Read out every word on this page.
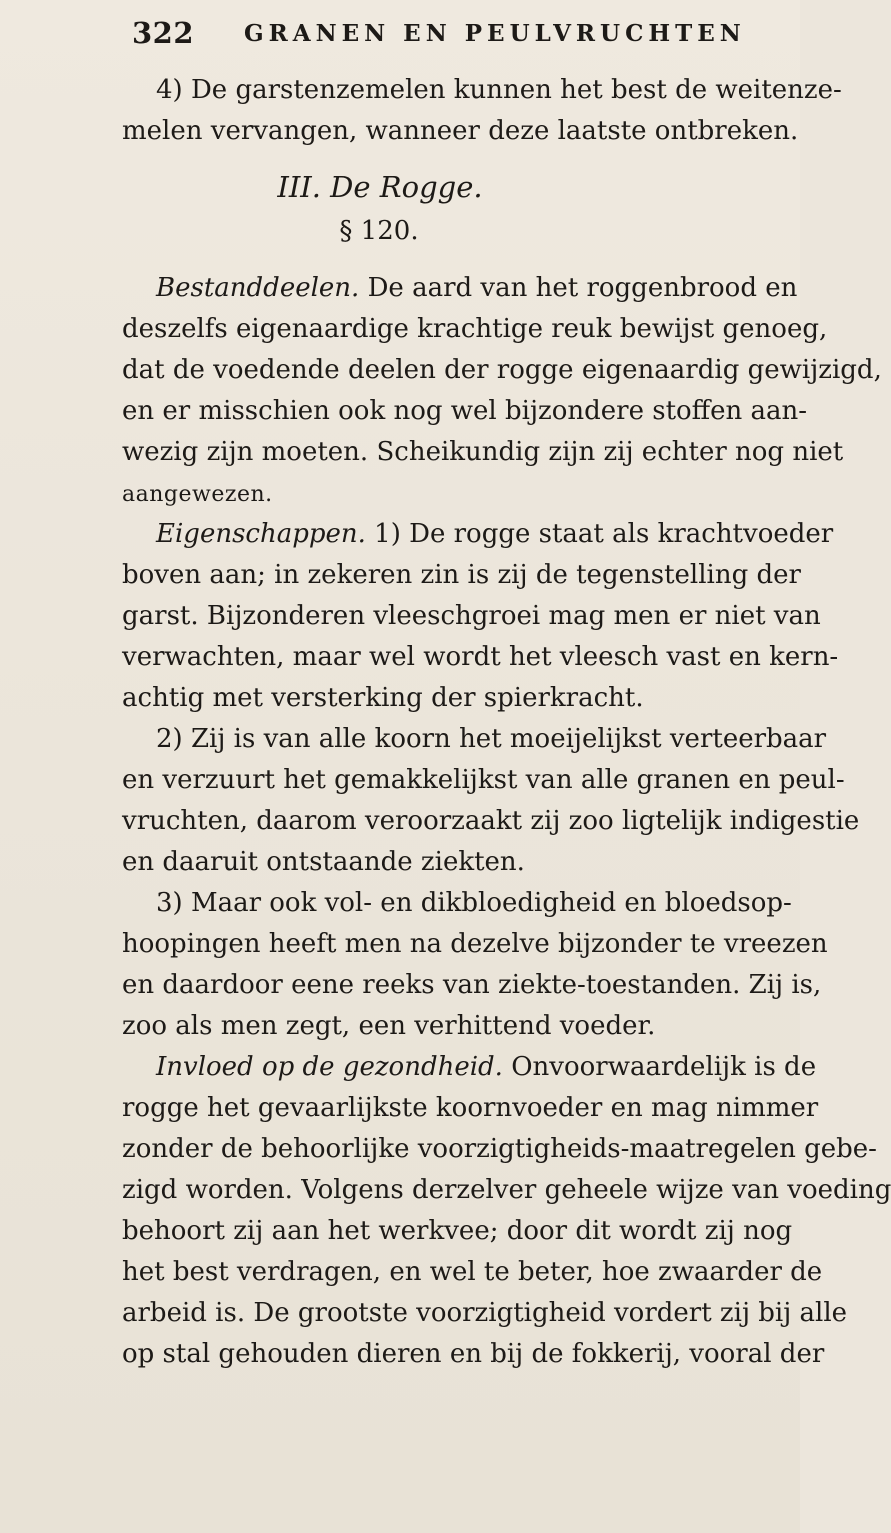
322 GRANEN EN PEULVRUCHTEN
4) De garstenzemelen kunnen het best de weitenze-
melen vervangen, wanneer deze laatste ontbreken.
III. De Rogge.
§ 120.
Bestanddeelen. De aard van het roggenbrood en
deszelfs eigenaardige krachtige reuk bewijst genoeg,
dat de voedende deelen der rogge eigenaardig gewijzigd,
en er misschien ook nog wel bijzondere stoffen aan-
wezig zijn moeten. Scheikundig zijn zij echter nog niet
aangewezen.
Eigenschappen. 1) De rogge staat als krachtvoeder
boven aan; in zekeren zin is zij de tegenstelling der
garst. Bijzonderen vleeschgroei mag men er niet van
verwachten, maar wel wordt het vleesch vast en kern-
achtig met versterking der spierkracht.
2) Zij is van alle koorn het moeijelijkst verteerbaar
en verzuurt het gemakkelijkst van alle granen en peul-
vruchten, daarom veroorzaakt zij zoo ligtelijk indigestie
en daaruit ontstaande ziekten.
3) Maar ook vol- en dikbloedigheid en bloedsop-
hoopingen heeft men na dezelve bijzonder te vreezen
en daardoor eene reeks van ziekte-toestanden. Zij is,
zoo als men zegt, een verhittend voeder.
Invloed op de gezondheid. Onvoorwaardelijk is de
rogge het gevaarlijkste koornvoeder en mag nimmer
zonder de behoorlijke voorzigtigheids-maatregelen gebe-
zigd worden. Volgens derzelver geheele wijze van voeding
behoort zij aan het werkvee; door dit wordt zij nog
het best verdragen, en wel te beter, hoe zwaarder de
arbeid is. De grootste voorzigtigheid vordert zij bij alle
op stal gehouden dieren en bij de fokkerij, vooral der
